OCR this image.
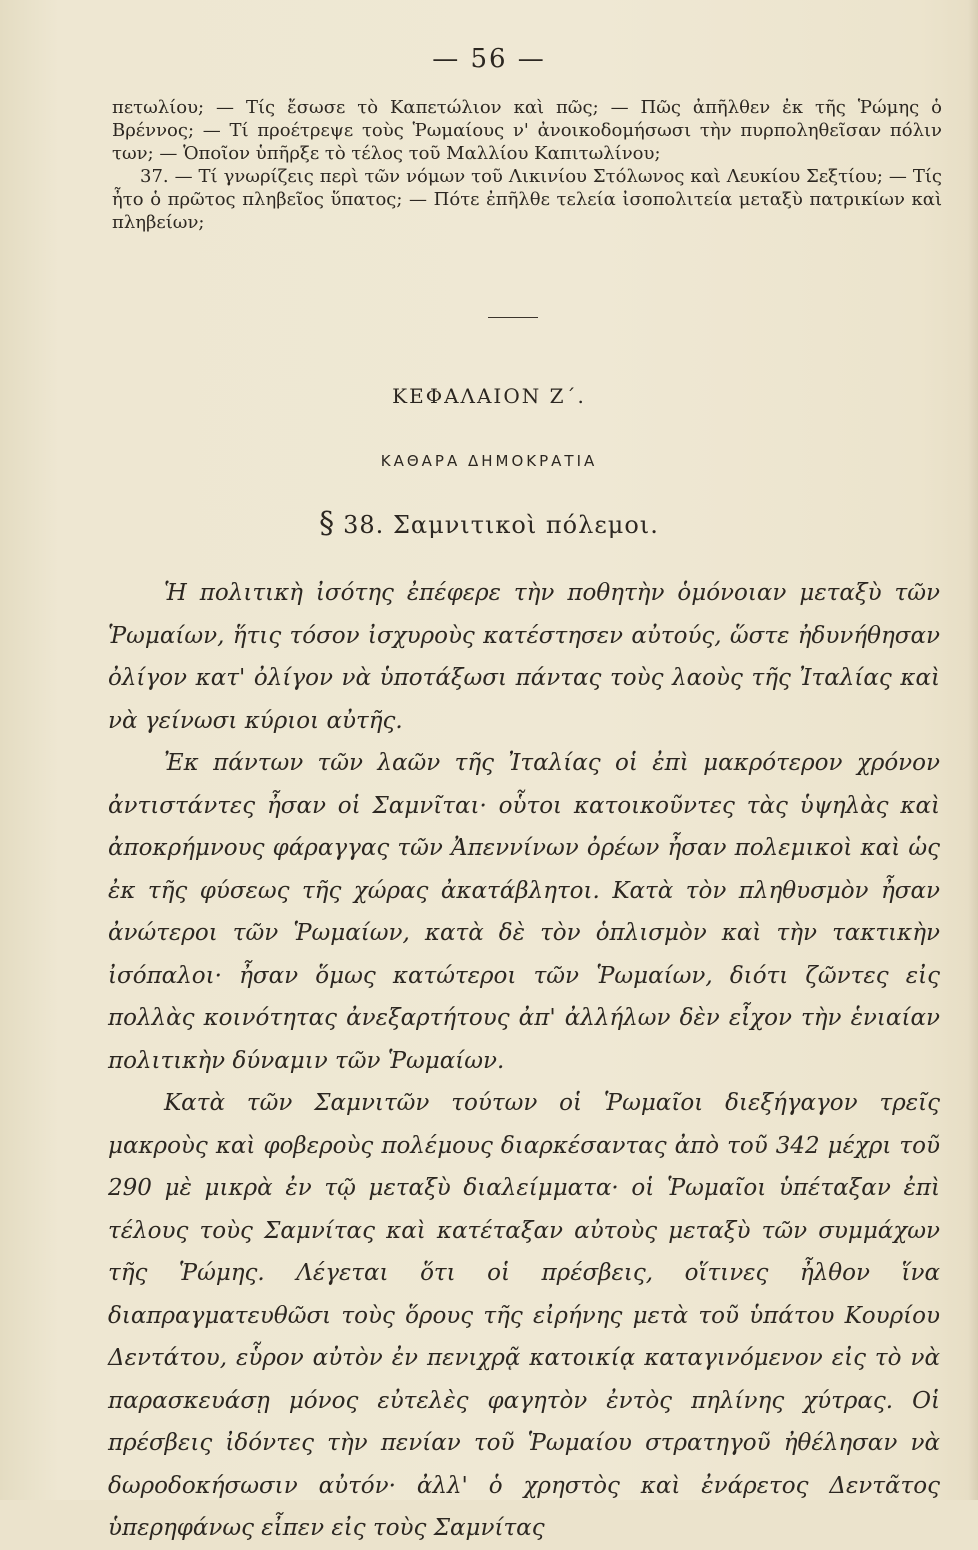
— 56 —

πετωλίου; — Τίς ἔσωσε τὸ Καπετώλιον καὶ πῶς; — Πῶς ἀπῆλθεν ἐκ τῆς Ῥώμης ὁ Βρέννος; — Τί προέτρεψε τοὺς Ῥωμαίους ν' ἀνοικοδομήσωσι τὴν πυρποληθεῖσαν πόλιν των; — Ὁποῖον ὑπῆρξε τὸ τέλος τοῦ Μαλλίου Καπιτωλίνου;

37. — Τί γνωρίζεις περὶ τῶν νόμων τοῦ Λικινίου Στόλωνος καὶ Λευκίου Σεξτίου; — Τίς ἦτο ὁ πρῶτος πληβεῖος ὕπατος; — Πότε ἐπῆλθε τελεία ἰσοπολιτεία μεταξὺ πατρικίων καὶ πληβείων;

ΚΕΦΑΛΑΙΟΝ Ζ΄.
ΚΑΘΑΡΑ ΔΗΜΟΚΡΑΤΙΑ
§ 38. Σαμνιτικοὶ πόλεμοι.

Ἡ πολιτικὴ ἰσότης ἐπέφερε τὴν ποθητὴν ὁμόνοιαν μεταξὺ τῶν Ῥωμαίων, ἥτις τόσον ἰσχυροὺς κατέστησεν αὐτούς, ὥστε ἠδυνήθησαν ὀλίγον κατ' ὀλίγον νὰ ὑποτάξωσι πάντας τοὺς λαοὺς τῆς Ἰταλίας καὶ νὰ γείνωσι κύριοι αὐτῆς.

Ἐκ πάντων τῶν λαῶν τῆς Ἰταλίας οἱ ἐπὶ μακρότερον χρόνον ἀντιστάντες ἦσαν οἱ Σαμνῖται· οὗτοι κατοικοῦντες τὰς ὑψηλὰς καὶ ἀποκρήμνους φάραγγας τῶν Ἀπεννίνων ὀρέων ἦσαν πολεμικοὶ καὶ ὡς ἐκ τῆς φύσεως τῆς χώρας ἀκατάβλητοι. Κατὰ τὸν πληθυσμὸν ἦσαν ἀνώτεροι τῶν Ῥωμαίων, κατὰ δὲ τὸν ὁπλισμὸν καὶ τὴν τακτικὴν ἰσόπαλοι· ἦσαν ὅμως κατώτεροι τῶν Ῥωμαίων, διότι ζῶντες εἰς πολλὰς κοινότητας ἀνεξαρτήτους ἀπ' ἀλλήλων δὲν εἶχον τὴν ἑνιαίαν πολιτικὴν δύναμιν τῶν Ῥωμαίων.

Κατὰ τῶν Σαμνιτῶν τούτων οἱ Ῥωμαῖοι διεξήγαγον τρεῖς μακροὺς καὶ φοβεροὺς πολέμους διαρκέσαντας ἀπὸ τοῦ 342 μέχρι τοῦ 290 μὲ μικρὰ ἐν τῷ μεταξὺ διαλείμματα· οἱ Ῥωμαῖοι ὑπέταξαν ἐπὶ τέλους τοὺς Σαμνίτας καὶ κατέταξαν αὐτοὺς μεταξὺ τῶν συμμάχων τῆς Ῥώμης. Λέγεται ὅτι οἱ πρέσβεις, οἵτινες ἦλθον ἵνα διαπραγματευθῶσι τοὺς ὅρους τῆς εἰρήνης μετὰ τοῦ ὑπάτου Κουρίου Δεντάτου, εὗρον αὐτὸν ἐν πενιχρᾷ κατοικίᾳ καταγινόμενον εἰς τὸ νὰ παρασκευάσῃ μόνος εὐτελὲς φαγητὸν ἐντὸς πηλίνης χύτρας. Οἱ πρέσβεις ἰδόντες τὴν πενίαν τοῦ Ῥωμαίου στρατηγοῦ ἠθέλησαν νὰ δωροδοκήσωσιν αὐτόν· ἀλλ' ὁ χρηστὸς καὶ ἐνάρετος Δεντᾶτος ὑπερηφάνως εἶπεν εἰς τοὺς Σαμνίτας
